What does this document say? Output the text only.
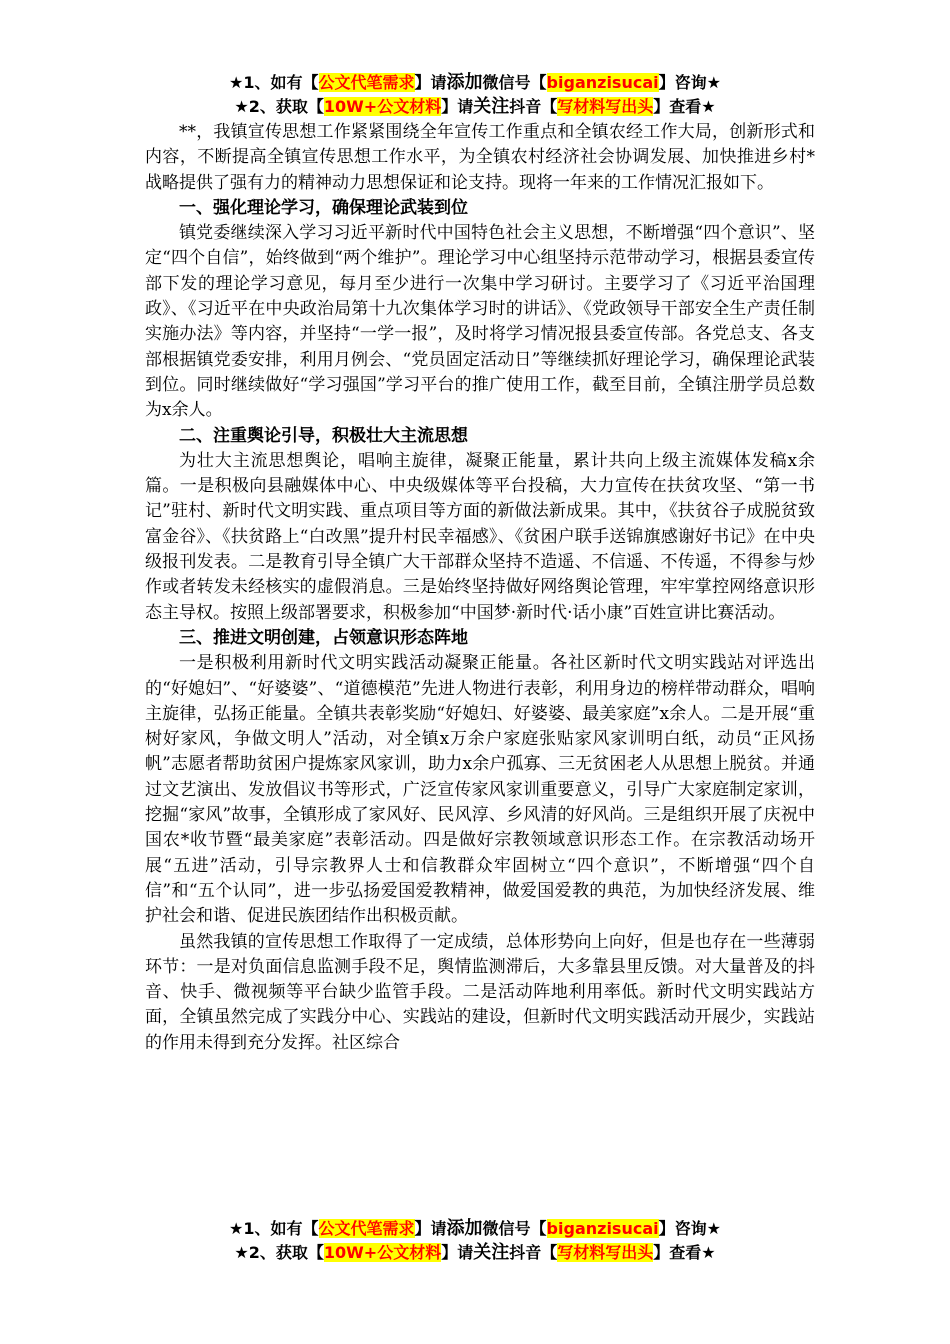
★1、如有【公文代笔需求】请添加微信号【biganzisucai】咨询★
★2、获取【10W+公文材料】请关注抖音【写材料写出头】查看★

**，我镇宣传思想工作紧紧围绕全年宣传工作重点和全镇农经工作大局，创新形式和内容，不断提高全镇宣传思想工作水平，为全镇农村经济社会协调发展、加快推进乡村*战略提供了强有力的精神动力思想保证和论支持。现将一年来的工作情况汇报如下。

一、强化理论学习，确保理论武装到位

镇党委继续深入学习习近平新时代中国特色社会主义思想，不断增强“四个意识”、坚定“四个自信”，始终做到“两个维护”。理论学习中心组坚持示范带动学习，根据县委宣传部下发的理论学习意见，每月至少进行一次集中学习研讨。主要学习了《习近平治国理政》、《习近平在中央政治局第十九次集体学习时的讲话》、《党政领导干部安全生产责任制实施办法》等内容，并坚持“一学一报”，及时将学习情况报县委宣传部。各党总支、各支部根据镇党委安排，利用月例会、“党员固定活动日”等继续抓好理论学习，确保理论武装到位。同时继续做好“学习强国”学习平台的推广使用工作，截至目前，全镇注册学员总数为x余人。

二、注重舆论引导，积极壮大主流思想

为壮大主流思想舆论，唱响主旋律，凝聚正能量，累计共向上级主流媒体发稿x余篇。一是积极向县融媒体中心、中央级媒体等平台投稿，大力宣传在扶贫攻坚、“第一书记”驻村、新时代文明实践、重点项目等方面的新做法新成果。其中，《扶贫谷子成脱贫致富金谷》、《扶贫路上“白改黑”提升村民幸福感》、《贫困户联手送锦旗感谢好书记》在中央级报刊发表。二是教育引导全镇广大干部群众坚持不造遥、不信遥、不传遥，不得参与炒作或者转发未经核实的虚假消息。三是始终坚持做好网络舆论管理，牢牢掌控网络意识形态主导权。按照上级部署要求，积极参加“中国梦·新时代·话小康”百姓宣讲比赛活动。

三、推进文明创建，占领意识形态阵地

一是积极利用新时代文明实践活动凝聚正能量。各社区新时代文明实践站对评选出的“好媳妇”、“好婆婆”、“道德模范”先进人物进行表彰，利用身边的榜样带动群众，唱响主旋律，弘扬正能量。全镇共表彰奖励“好媳妇、好婆婆、最美家庭”x余人。二是开展“重树好家风，争做文明人”活动，对全镇x万余户家庭张贴家风家训明白纸，动员“正风扬帆”志愿者帮助贫困户提炼家风家训，助力x余户孤寡、三无贫困老人从思想上脱贫。并通过文艺演出、发放倡议书等形式，广泛宣传家风家训重要意义，引导广大家庭制定家训，挖掘“家风”故事，全镇形成了家风好、民风淳、乡风清的好风尚。三是组织开展了庆祝中国农*收节暨“最美家庭”表彰活动。四是做好宗教领域意识形态工作。在宗教活动场开展“五进”活动，引导宗教界人士和信教群众牢固树立“四个意识”，不断增强“四个自信”和“五个认同”，进一步弘扬爱国爱教精神，做爱国爱教的典范，为加快经济发展、维护社会和谐、促进民族团结作出积极贡献。

虽然我镇的宣传思想工作取得了一定成绩，总体形势向上向好，但是也存在一些薄弱环节：一是对负面信息监测手段不足，舆情监测滞后，大多靠县里反馈。对大量普及的抖音、快手、微视频等平台缺少监管手段。二是活动阵地利用率低。新时代文明实践站方面，全镇虽然完成了实践分中心、实践站的建设，但新时代文明实践活动开展少，实践站的作用未得到充分发挥。社区综合

★1、如有【公文代笔需求】请添加微信号【biganzisucai】咨询★
★2、获取【10W+公文材料】请关注抖音【写材料写出头】查看★
